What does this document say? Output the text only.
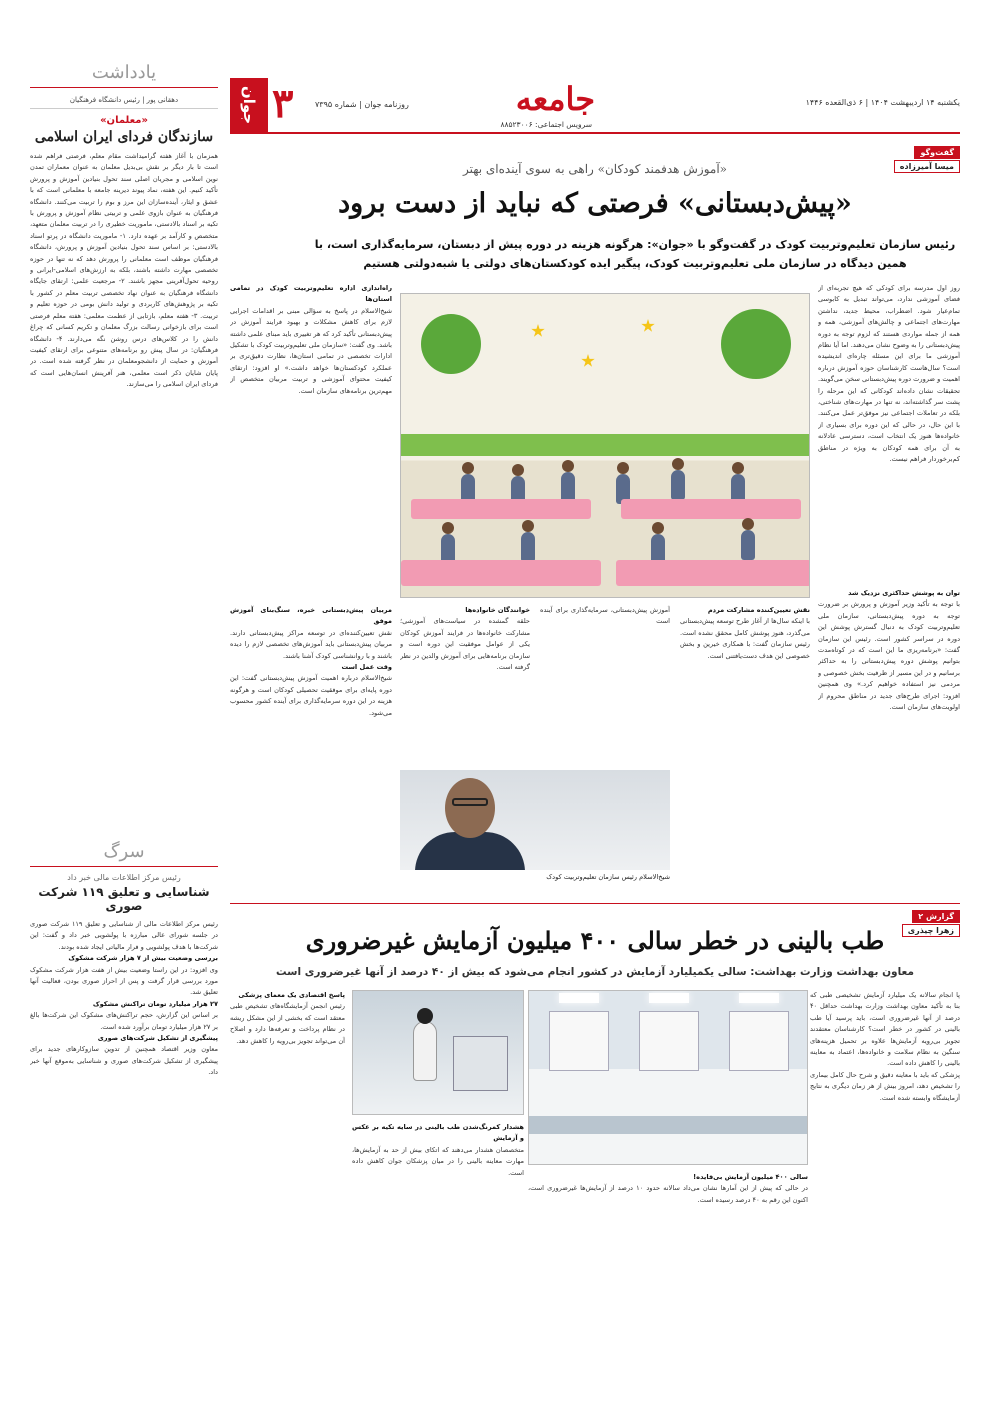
یکشنبه ۱۴ اردیبهشت ۱۴۰۴ | ۶ ذی‌القعده ۱۴۴۶
جامعه
سرویس اجتماعی: ۸۸۵۲۳۰۰۶
روزنامه جوان | شماره ۷۳۹۵
۳
جوان
یادداشت
دهقانی پور | رئیس دانشگاه فرهنگیان
«معلمان»
سازندگان فردای ایران اسلامی
همزمان با آغاز هفته گرامیداشت مقام معلم، فرصتی فراهم شده است تا بار دیگر بر نقش بی‌بدیل معلمان به عنوان معماران تمدن نوین اسلامی و مجریان اصلی سند تحول بنیادین آموزش و پرورش تأکید کنیم. این هفته، نماد پیوند دیرینه جامعه با معلمانی است که با عشق و ایثار، آینده‌سازان این مرز و بوم را تربیت می‌کنند. دانشگاه فرهنگیان به عنوان بازوی علمی و تربیتی نظام آموزش و پرورش با تکیه بر اسناد بالادستی، ماموریت خطیری را در تربیت معلمان متعهد، متخصص و کارآمد بر عهده دارد. ۱- ماموریت دانشگاه در پرتو اسناد بالادستی: بر اساس سند تحول بنیادین آموزش و پرورش، دانشگاه فرهنگیان موظف است معلمانی را پرورش دهد که نه تنها در حوزه تخصصی مهارت داشته باشند، بلکه به ارزش‌های اسلامی-ایرانی و روحیه تحول‌آفرینی مجهز باشند. ۲- مرجعیت علمی: ارتقای جایگاه دانشگاه فرهنگیان به عنوان نهاد تخصصی تربیت معلم در کشور با تکیه بر پژوهش‌های کاربردی و تولید دانش بومی در حوزه تعلیم و تربیت. ۳- هفته معلم، بازتابی از عظمت معلمی: هفته معلم فرصتی است برای بازخوانی رسالت بزرگ معلمان و تکریم کسانی که چراغ دانش را در کلاس‌های درس روشن نگه می‌دارند. ۴- دانشگاه فرهنگیان: در سال پیش رو برنامه‌های متنوعی برای ارتقای کیفیت آموزش و حمایت از دانشجومعلمان در نظر گرفته شده است. در پایان شایان ذکر است معلمی، هنر آفرینش انسان‌هایی است که فردای ایران اسلامی را می‌سازند.
سرگ
رئیس مرکز اطلاعات مالی خبر داد
شناسایی و تعلیق ۱۱۹ شرکت صوری

رئیس مرکز اطلاعات مالی از شناسایی و تعلیق ۱۱۹ شرکت صوری در جلسه شورای عالی مبارزه با پولشویی خبر داد و گفت: این شرکت‌ها با هدف پولشویی و فرار مالیاتی ایجاد شده بودند.

بررسی وضعیت بیش از ۷ هزار شرکت مشکوک

وی افزود: در این راستا وضعیت بیش از هفت هزار شرکت مشکوک مورد بررسی قرار گرفت و پس از احراز صوری بودن، فعالیت آنها تعلیق شد.

۲۷ هزار میلیارد تومان تراکنش مشکوک

بر اساس این گزارش، حجم تراکنش‌های مشکوک این شرکت‌ها بالغ بر ۲۷ هزار میلیارد تومان برآورد شده است.

پیشگیری از تشکیل شرکت‌های صوری

معاون وزیر اقتصاد همچنین از تدوین سازوکارهای جدید برای پیشگیری از تشکیل شرکت‌های صوری و شناسایی به‌موقع آنها خبر داد.

گفت‌وگو
میسا آمیرزاده
«آموزش هدفمند کودکان» راهی به سوی آینده‌ای بهتر
«پیش‌دبستانی» فرصتی که نباید از دست برود
رئیس سازمان تعلیم‌وتربیت کودک در گفت‌وگو با «جوان»: هرگونه هزینه در دوره پیش از دبستان، سرمایه‌گذاری است، با همین دیدگاه در سازمان ملی تعلیم‌وتربیت کودک، پیگیر ایده کودکستان‌های دولتی یا شبه‌دولتی هستیم

روز اول مدرسه برای کودکی که هیچ تجربه‌ای از فضای آموزشی ندارد، می‌تواند تبدیل به کابوسی تمام‌عیار شود. اضطراب، محیط جدید، نداشتن مهارت‌های اجتماعی و چالش‌های آموزشی، همه و همه از جمله مواردی هستند که لزوم توجه به دوره پیش‌دبستانی را به وضوح نشان می‌دهند. اما آیا نظام آموزشی ما برای این مسئله چاره‌ای اندیشیده است؟ سال‌هاست کارشناسان حوزه آموزش درباره اهمیت و ضرورت دوره پیش‌دبستانی سخن می‌گویند. تحقیقات نشان داده‌اند کودکانی که این مرحله را پشت سر گذاشته‌اند، نه تنها در مهارت‌های شناختی، بلکه در تعاملات اجتماعی نیز موفق‌تر عمل می‌کنند. با این حال، در حالی که این دوره برای بسیاری از خانواده‌ها هنوز یک انتخاب است، دسترسی عادلانه به آن برای همه کودکان به ویژه در مناطق کم‌برخوردار فراهم نیست.

توان به پوشش حداکثری نزدیک شد

با توجه به تأکید وزیر آموزش و پرورش بر ضرورت توجه به دوره پیش‌دبستانی، سازمان ملی تعلیم‌وتربیت کودک به دنبال گسترش پوشش این دوره در سراسر کشور است. رئیس این سازمان گفت: «برنامه‌ریزی ما این است که در کوتاه‌مدت بتوانیم پوشش دوره پیش‌دبستانی را به حداکثر برسانیم و در این مسیر از ظرفیت بخش خصوصی و مردمی نیز استفاده خواهیم کرد.» وی همچنین افزود: اجرای طرح‌های جدید در مناطق محروم از اولویت‌های سازمان است.

راه‌اندازی اداره تعلیم‌وتربیت کودک در تمامی استان‌ها

شیخ‌الاسلام در پاسخ به سؤالی مبنی بر اقدامات اجرایی لازم برای کاهش مشکلات و بهبود فرایند آموزش در پیش‌دبستانی تأکید کرد که هر تغییری باید مبنای علمی داشته باشد. وی گفت: «سازمان ملی تعلیم‌وتربیت کودک با تشکیل ادارات تخصصی در تمامی استان‌ها، نظارت دقیق‌تری بر عملکرد کودکستان‌ها خواهد داشت.» او افزود: ارتقای کیفیت محتوای آموزشی و تربیت مربیان متخصص از مهم‌ترین برنامه‌های سازمان است.

مربیان پیش‌دبستانی خبره، سنگ‌بنای آموزش موفق

نقش تعیین‌کننده‌ای در توسعه مراکز پیش‌دبستانی دارند. مربیان پیش‌دبستانی باید آموزش‌های تخصصی لازم را دیده باشند و با روانشناسی کودک آشنا باشند.

وقت عمل است

شیخ‌الاسلام درباره اهمیت آموزش پیش‌دبستانی گفت: این دوره پایه‌ای برای موفقیت تحصیلی کودکان است و هرگونه هزینه در این دوره سرمایه‌گذاری برای آینده کشور محسوب می‌شود.

خوانندگان خانواده‌ها

حلقه گمشده در سیاست‌های آموزشی؛ مشارکت خانواده‌ها در فرایند آموزش کودکان یکی از عوامل موفقیت این دوره است و سازمان برنامه‌هایی برای آموزش والدین در نظر گرفته است.

آموزش پیش‌دبستانی، سرمایه‌گذاری برای آینده است

نقش تعیین‌کننده مشارکت مردم

با اینکه سال‌ها از آغاز طرح توسعه پیش‌دبستانی می‌گذرد، هنوز پوشش کامل محقق نشده است. رئیس سازمان گفت: با همکاری خیرین و بخش خصوصی این هدف دست‌یافتنی است.

شیخ‌الاسلام رئیس سازمان تعلیم‌وتربیت کودک
گزارش ۲
زهرا چیذری
طب بالینی در خطر سالی ۴۰۰ میلیون آزمایش غیرضروری
معاون بهداشت وزارت بهداشت: سالی یکمیلیارد آزمایش در کشور انجام می‌شود که بیش از ۴۰ درصد از آنها غیرضروری است

پا انجام سالانه یک میلیارد آزمایش تشخیصی طبی که بنا به تأکید معاون بهداشت وزارت بهداشت حداقل ۴۰ درصد از آنها غیرضروری است، باید پرسید آیا طب بالینی در کشور در خطر است؟ کارشناسان معتقدند تجویز بی‌رویه آزمایش‌ها علاوه بر تحمیل هزینه‌های سنگین به نظام سلامت و خانواده‌ها، اعتماد به معاینه بالینی را کاهش داده است.

پزشکی که باید با معاینه دقیق و شرح حال کامل بیماری را تشخیص دهد، امروز بیش از هر زمان دیگری به نتایج آزمایشگاه وابسته شده است.

سالی ۴۰۰ میلیون آزمایش بی‌فایده!

در حالی که پیش از این آمارها نشان می‌داد سالانه حدود ۱۰ درصد از آزمایش‌ها غیرضروری است، اکنون این رقم به ۴۰ درصد رسیده است.

هشدار کمرنگ‌شدن طب بالینی در سایه تکیه بر عکس و آزمایش

متخصصان هشدار می‌دهند که اتکای بیش از حد به آزمایش‌ها، مهارت معاینه بالینی را در میان پزشکان جوان کاهش داده است.

پاسخ اقتصادی یک معمای پزشکی

رئیس انجمن آزمایشگاه‌های تشخیص طبی معتقد است که بخشی از این مشکل ریشه در نظام پرداخت و تعرفه‌ها دارد و اصلاح آن می‌تواند تجویز بی‌رویه را کاهش دهد.
